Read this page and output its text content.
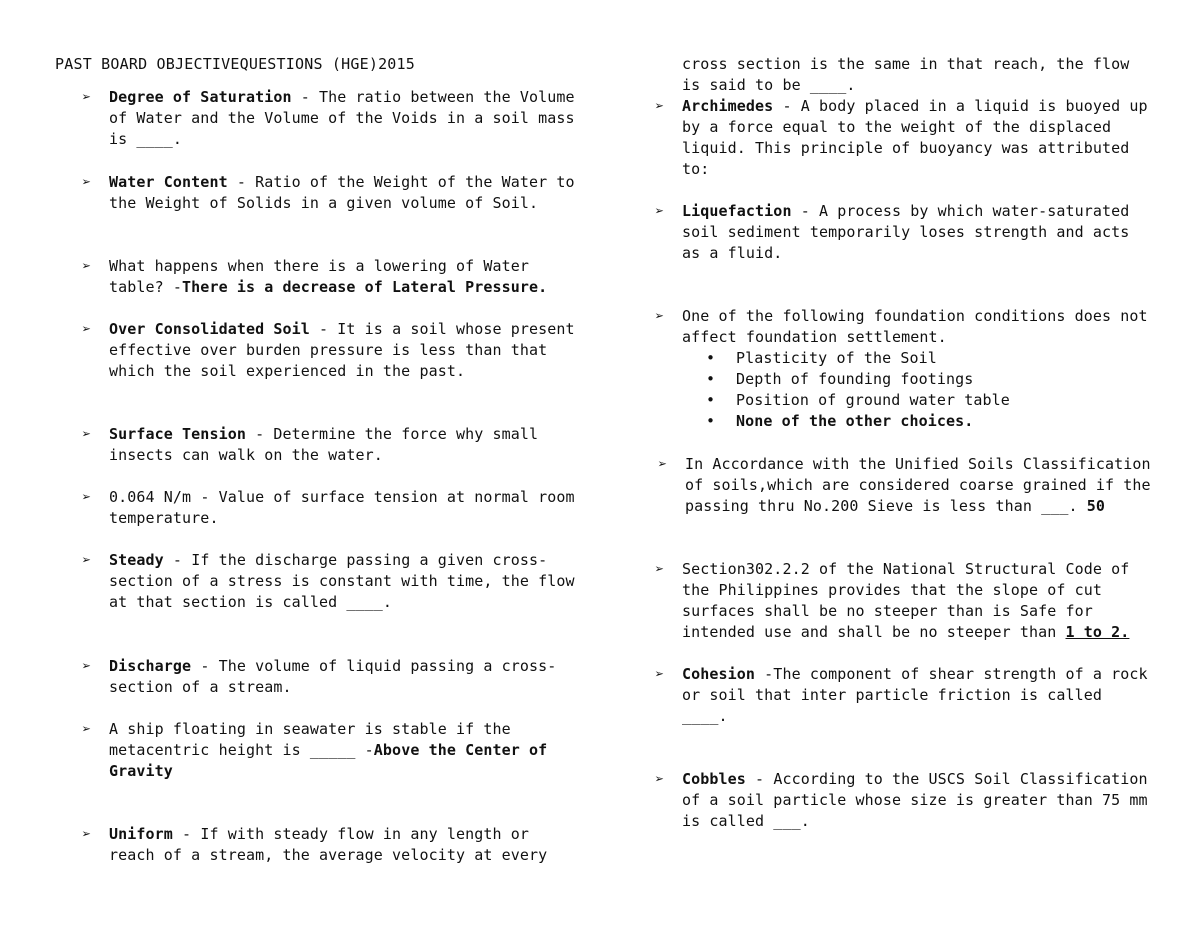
PAST BOARD OBJECTIVEQUESTIONS (HGE)2015
➢ Degree of Saturation - The ratio between the Volume of Water and the Volume of the Voids in a soil mass is ____.
➢ Water Content - Ratio of the Weight of the Water to the Weight of Solids in a given volume of Soil.
➢ What happens when there is a lowering of Water table? -There is a decrease of Lateral Pressure.
➢ Over Consolidated Soil - It is a soil whose present effective over burden pressure is less than that which the soil experienced in the past.
➢ Surface Tension - Determine the force why small insects can walk on the water.
➢ 0.064 N/m - Value of surface tension at normal room temperature.
➢ Steady - If the discharge passing a given cross-section of a stress is constant with time, the flow at that section is called ____.
➢ Discharge - The volume of liquid passing a cross-section of a stream.
➢ A ship floating in seawater is stable if the metacentric height is _____ -Above the Center of Gravity
➢ Uniform - If with steady flow in any length or reach of a stream, the average velocity at every
cross section is the same in that reach, the flow is said to be ____.
➢ Archimedes - A body placed in a liquid is buoyed up by a force equal to the weight of the displaced liquid. This principle of buoyancy was attributed to:
➢ Liquefaction - A process by which water-saturated soil sediment temporarily loses strength and acts as a fluid.
➢ One of the following foundation conditions does not affect foundation settlement.
• Plasticity of the Soil
• Depth of founding footings
• Position of ground water table
• None of the other choices.
➢ In Accordance with the Unified Soils Classification of soils,which are considered coarse grained if the passing thru No.200 Sieve is less than ___. 50
➢ Section302.2.2 of the National Structural Code of the Philippines provides that the slope of cut surfaces shall be no steeper than is Safe for intended use and shall be no steeper than 1 to 2.
➢ Cohesion -The component of shear strength of a rock or soil that inter particle friction is called ____.
➢ Cobbles - According to the USCS Soil Classification of a soil particle whose size is greater than 75 mm is called ___.
